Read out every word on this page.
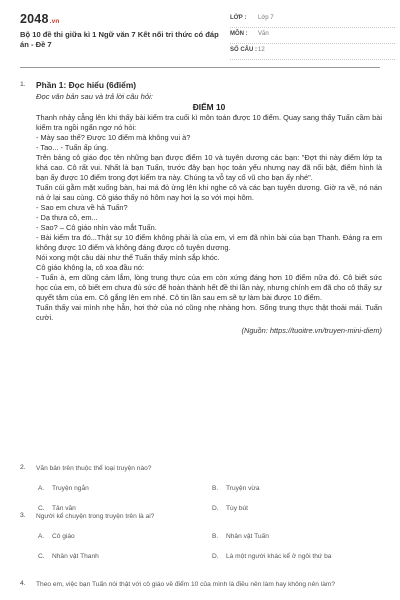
2048.vn
Bộ 10 đề thi giữa kì 1 Ngữ văn 7 Kết nối tri thức có đáp án - Đề 7
LỚP : Lớp 7
MÔN : Văn
SỐ CÂU : 12
1. Phần 1: Đọc hiểu (6điểm)
Đọc văn bản sau và trả lời câu hỏi:
ĐIỂM 10

Thanh nhảy cẫng lên khi thấy bài kiểm tra cuối kì môn toán được 10 điểm. Quay sang thấy Tuấn cầm bài kiểm tra ngồi ngẩn ngơ nó hỏi:

- Mày sao thế? Được 10 điểm mà không vui à?

- Tao... - Tuấn ấp úng.

Trên bảng cô giáo đọc tên những bạn được điểm 10 và tuyên dương các bạn: "Đợt thi này điểm lớp ta khá cao. Cô rất vui. Nhất là bạn Tuấn, trước đây bạn học toán yếu nhưng nay đã nổi bật, điểm hình là bạn ấy được 10 điểm trong đợt kiểm tra này. Chúng ta vỗ tay cổ vũ cho bạn ấy nhé".

Tuấn cúi gằm mặt xuống bàn, hai má đỏ ửng lên khi nghe cô và các bạn tuyên dương. Giờ ra về, nó nán ná ở lại sau cùng. Cô giáo thấy nó hôm nay hơi lạ so với mọi hôm.

- Sao em chưa về hả Tuấn?

- Dạ thưa cô, em...

- Sao? – Cô giáo nhìn vào mắt Tuấn.

- Bài kiểm tra đó...Thật sự 10 điểm không phải là của em, vì em đã nhìn bài của bạn Thanh. Đáng ra em không được 10 điểm và không đáng được cô tuyên dương.

Nói xong một câu dài như thế Tuấn thấy mình sắp khóc.

Cô giáo không la, cô xoa đầu nó:

- Tuấn à, em dũng cảm lắm, lòng trung thực của em còn xứng đáng hơn 10 điểm nữa đó. Cô biết sức học của em, cô biết em chưa đủ sức để hoàn thành hết đề thi lần này, nhưng chính em đã cho cô thấy sự quyết tâm của em. Cô gắng lên em nhé. Cô tin lần sau em sẽ tự làm bài được 10 điểm.

Tuấn thấy vai mình nhẹ hẫn, hơi thở của nó cũng nhẹ nhàng hơn. Sống trung thực thật thoải mái. Tuấn cười.

(Nguồn: https://tuoitre.vn/truyen-mini-diem)
2. Văn bản trên thuộc thể loại truyện nào?
A. Truyện ngắn	B. Truyện vừa
C. Tản văn	D. Tùy bút
3. Người kể chuyện trong truyện trên là ai?
A. Cô giáo	B. Nhân vật Tuấn
C. Nhân vật Thanh	D. Là một người khác kể ở ngôi thứ ba
4. Theo em, việc bạn Tuấn nói thật với cô giáo về điểm 10 của mình là điều nên làm hay không nên làm?
